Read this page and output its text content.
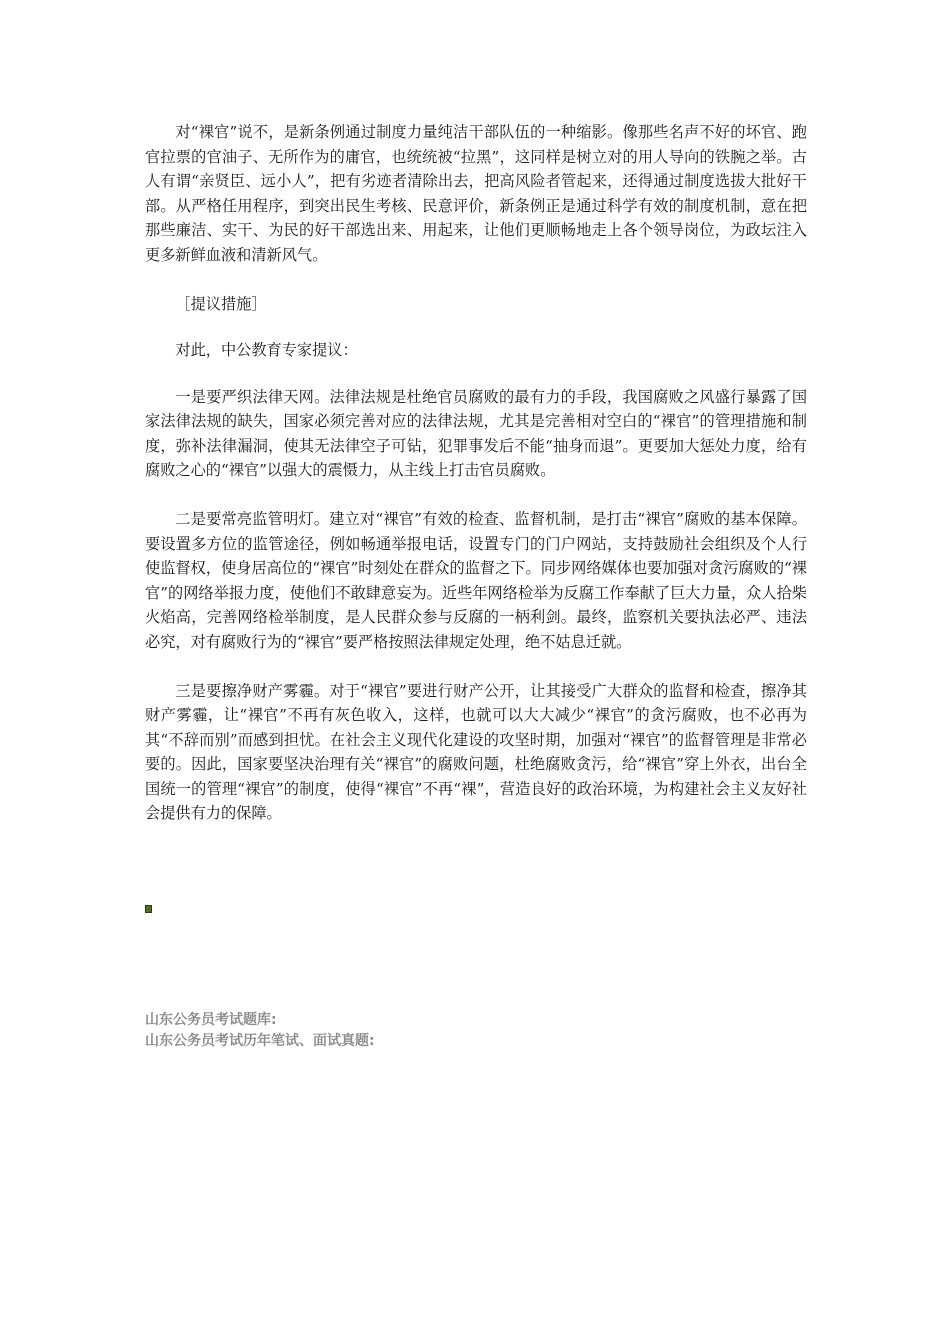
对“裸官”说不，是新条例通过制度力量纯洁干部队伍的一种缩影。像那些名声不好的坏官、跑官拉票的官油子、无所作为的庸官，也统统被“拉黑”，这同样是树立对的用人导向的铁腕之举。古人有谓“亲贤臣、远小人”，把有劣迹者清除出去，把高风险者管起来，还得通过制度选拔大批好干部。从严格任用程序，到突出民生考核、民意评价，新条例正是通过科学有效的制度机制，意在把那些廉洁、实干、为民的好干部选出来、用起来，让他们更顺畅地走上各个领导岗位，为政坛注入更多新鲜血液和清新风气。

［提议措施］

对此，中公教育专家提议：

一是要严织法律天网。法律法规是杜绝官员腐败的最有力的手段，我国腐败之风盛行暴露了国家法律法规的缺失，国家必须完善对应的法律法规，尤其是完善相对空白的“裸官”的管理措施和制度，弥补法律漏洞，使其无法律空子可钻，犯罪事发后不能“抽身而退”。更要加大惩处力度，给有腐败之心的“裸官”以强大的震慑力，从主线上打击官员腐败。

二是要常亮监管明灯。建立对“裸官”有效的检查、监督机制，是打击“裸官”腐败的基本保障。要设置多方位的监管途径，例如畅通举报电话，设置专门的门户网站，支持鼓励社会组织及个人行使监督权，使身居高位的“裸官”时刻处在群众的监督之下。同步网络媒体也要加强对贪污腐败的“裸官”的网络举报力度，使他们不敢肆意妄为。近些年网络检举为反腐工作奉献了巨大力量，众人拾柴火焰高，完善网络检举制度，是人民群众参与反腐的一柄利剑。最终，监察机关要执法必严、违法必究，对有腐败行为的“裸官”要严格按照法律规定处理，绝不姑息迁就。

三是要擦净财产雾霾。对于“裸官”要进行财产公开，让其接受广大群众的监督和检查，擦净其财产雾霾，让“裸官”不再有灰色收入，这样，也就可以大大减少“裸官”的贪污腐败，也不必再为其“不辞而别”而感到担忧。在社会主义现代化建设的攻坚时期，加强对“裸官”的监督管理是非常必要的。因此，国家要坚决治理有关“裸官”的腐败问题，杜绝腐败贪污，给“裸官”穿上外衣，出台全国统一的管理“裸官”的制度，使得“裸官”不再“裸”，营造良好的政治环境，为构建社会主义友好社会提供有力的保障。

山东公务员考试题库:
山东公务员考试历年笔试、面试真题:
